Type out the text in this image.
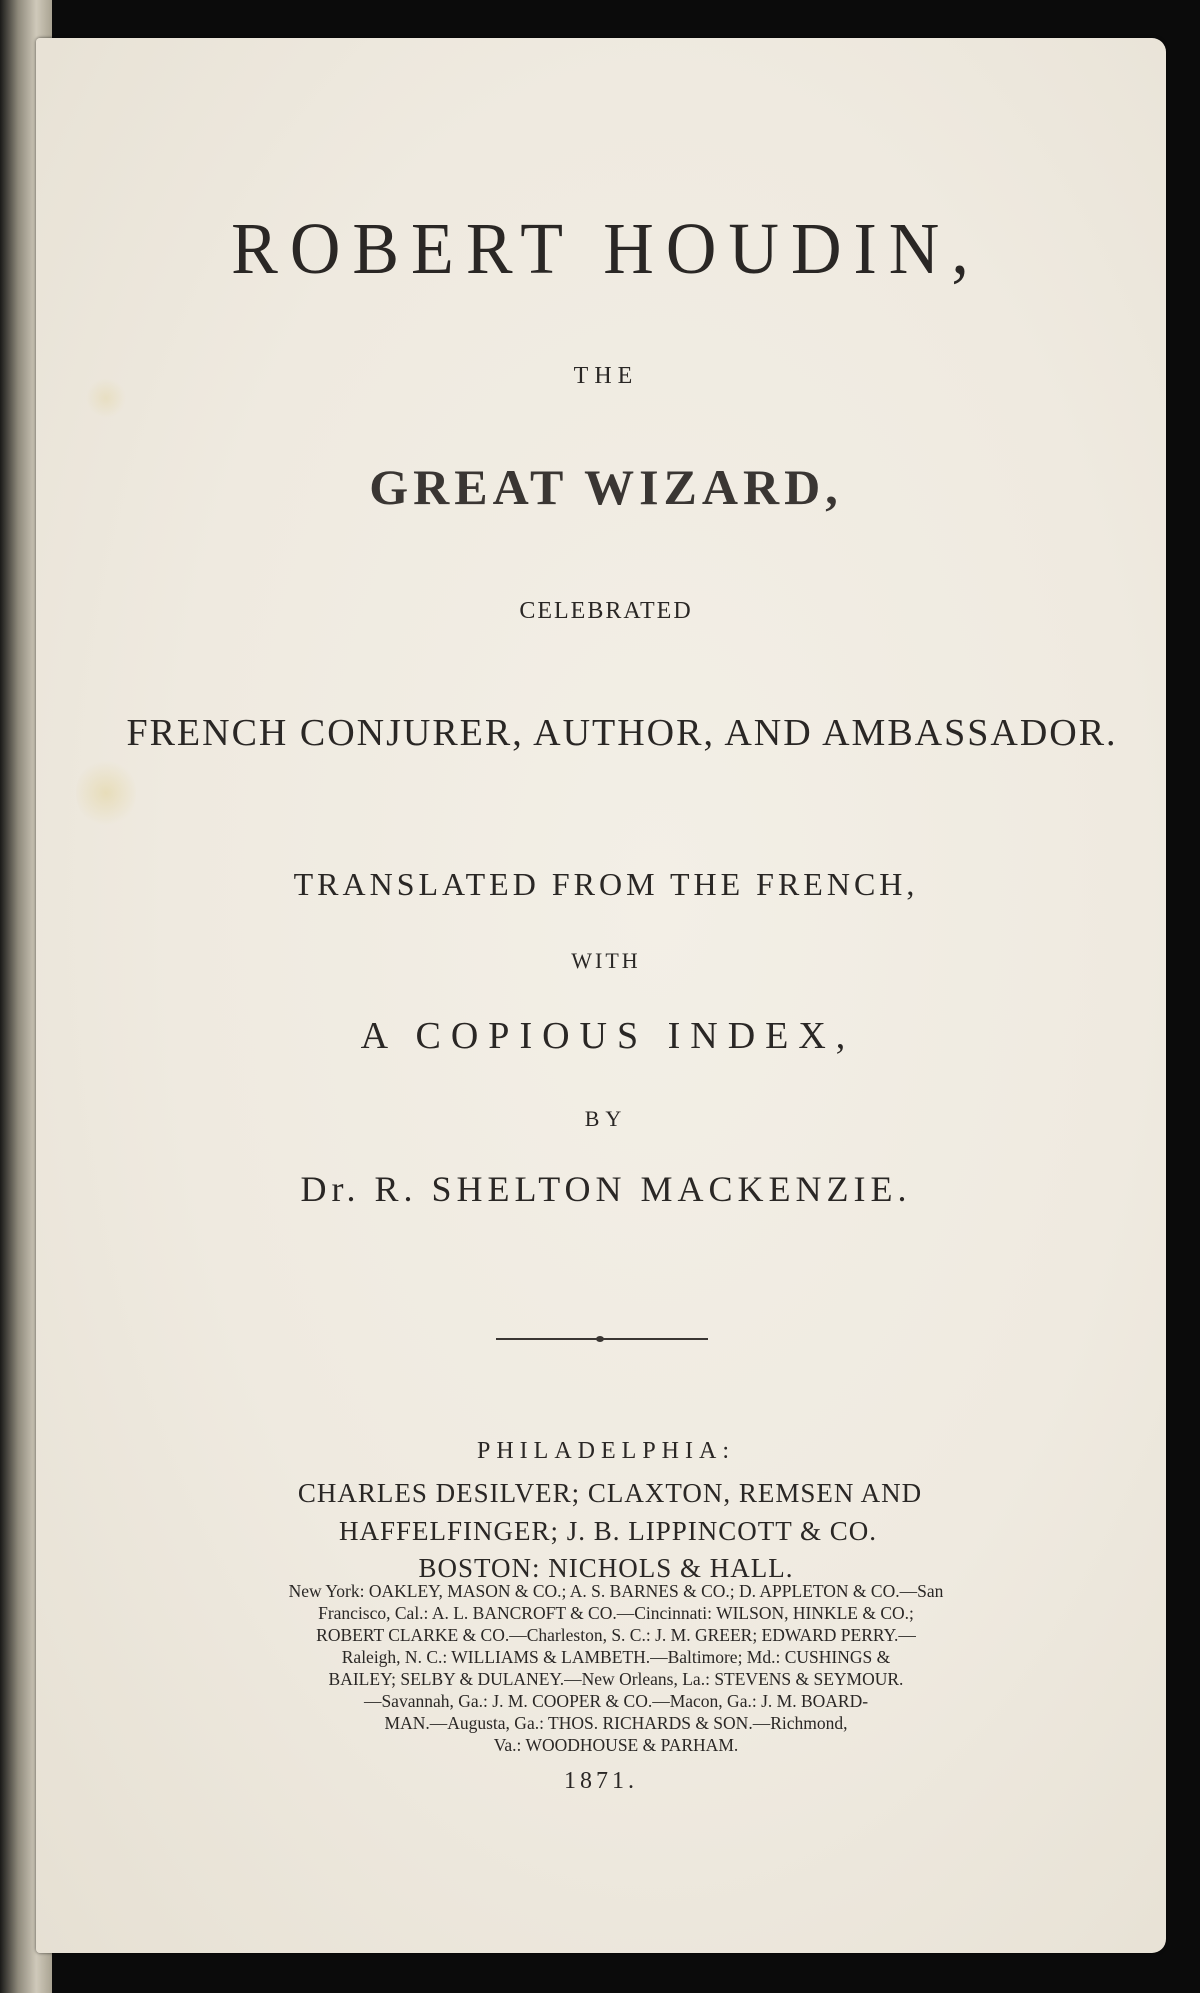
ROBERT HOUDIN,
THE
GREAT WIZARD,
CELEBRATED
FRENCH CONJURER, AUTHOR, AND AMBASSADOR.
TRANSLATED FROM THE FRENCH,
WITH
A COPIOUS INDEX,
BY
Dr. R. SHELTON MACKENZIE.
PHILADELPHIA:
CHARLES DESILVER; CLAXTON, REMSEN AND
HAFFELFINGER; J. B. LIPPINCOTT & CO.
BOSTON: NICHOLS & HALL.
New York: OAKLEY, MASON & CO.; A. S. BARNES & CO.; D. APPLETON & CO.—San
Francisco, Cal.: A. L. BANCROFT & CO.—Cincinnati: WILSON, HINKLE & CO.;
ROBERT CLARKE & CO.—Charleston, S. C.: J. M. GREER; EDWARD PERRY.—
Raleigh, N. C.: WILLIAMS & LAMBETH.—Baltimore; Md.: CUSHINGS &
BAILEY; SELBY & DULANEY.—New Orleans, La.: STEVENS & SEYMOUR.
—Savannah, Ga.: J. M. COOPER & CO.—Macon, Ga.: J. M. BOARD-
MAN.—Augusta, Ga.: THOS. RICHARDS & SON.—Richmond,
Va.: WOODHOUSE & PARHAM.
1871.
